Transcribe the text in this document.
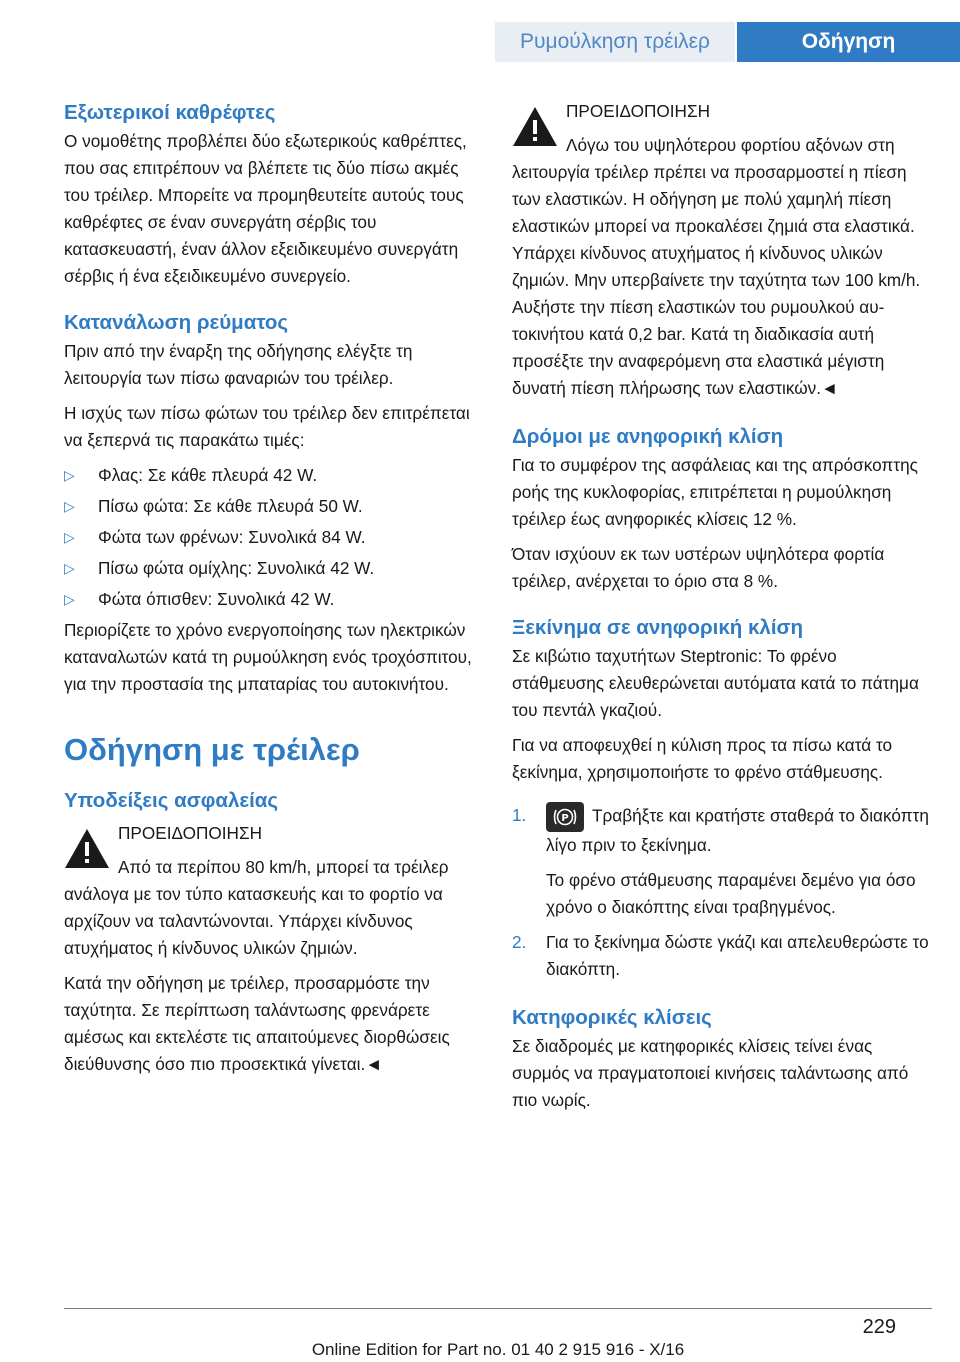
Ρυμούλκηση τρέιλερ	Οδήγηση
Εξωτερικοί καθρέφτες

Ο νομοθέτης προβλέπει δύο εξωτερικούς καθρέπτες, που σας επιτρέπουν να βλέπετε τις δύο πίσω ακμές του τρέιλερ. Μπορείτε να προμηθευτείτε αυτούς τους καθρέφτες σε έναν συνεργάτη σέρβις του κατασκευαστή, έναν άλλον εξειδικευμένο συνεργάτη σέρβις ή ένα εξειδικευμένο συνεργείο.

Κατανάλωση ρεύματος

Πριν από την έναρξη της οδήγησης ελέγξτε τη λειτουργία των πίσω φαναριών του τρέιλερ.

Η ισχύς των πίσω φώτων του τρέιλερ δεν επιτρέπεται να ξεπερνά τις παρακάτω τιμές:

▷	Φλας: Σε κάθε πλευρά 42 W.
▷	Πίσω φώτα: Σε κάθε πλευρά 50 W.
▷	Φώτα των φρένων: Συνολικά 84 W.
▷	Πίσω φώτα ομίχλης: Συνολικά 42 W.
▷	Φώτα όπισθεν: Συνολικά 42 W.

Περιορίζετε το χρόνο ενεργοποίησης των ηλεκτρικών καταναλωτών κατά τη ρυμούλκηση ενός τροχόσπιτου, για την προστασία της μπαταρίας του αυτοκινήτου.

Οδήγηση με τρέιλερ
Υποδείξεις ασφαλείας

ΠΡΟΕΙΔΟΠΟΙΗΣΗ

Από τα περίπου 80 km/h, μπορεί τα τρέιλερ ανάλογα με τον τύπο κατασκευής και το φορτίο να αρχίζουν να ταλαντώνονται. Υπάρχει κίνδυνος ατυχήματος ή κίνδυνος υλικών ζημιών.

Κατά την οδήγηση με τρέιλερ, προσαρμόστε την ταχύτητα. Σε περίπτωση ταλάντωσης φρενάρετε αμέσως και εκτελέστε τις απαιτούμενες διορθώσεις διεύθυνσης όσο πιο προσεκτικά γίνεται.◄

ΠΡΟΕΙΔΟΠΟΙΗΣΗ

Λόγω του υψηλότερου φορτίου αξόνων στη λειτουργία τρέιλερ πρέπει να προσαρμοστεί η πίεση των ελαστικών. Η οδήγηση με πολύ χαμηλή πίεση ελαστικών μπορεί να προκαλέσει ζημιά στα ελαστικά. Υπάρχει κίνδυνος ατυχήματος ή κίνδυνος υλικών ζημιών. Μην υπερβαίνετε την ταχύτητα των 100 km/h. Αυξήστε την πίεση ελαστικών του ρυμουλκού αυτοκινήτου κατά 0,2 bar. Κατά τη διαδικασία αυτή προσέξτε την αναφερόμενη στα ελαστικά μέγιστη δυνατή πίεση πλήρωσης των ελαστικών.◄

Δρόμοι με ανηφορική κλίση

Για το συμφέρον της ασφάλειας και της απρόσκοπτης ροής της κυκλοφορίας, επιτρέπεται η ρυμούλκηση τρέιλερ έως ανηφορικές κλίσεις 12 %.

Όταν ισχύουν εκ των υστέρων υψηλότερα φορτία τρέιλερ, ανέρχεται το όριο στα 8 %.

Ξεκίνημα σε ανηφορική κλίση

Σε κιβώτιο ταχυτήτων Steptronic: Το φρένο στάθμευσης ελευθερώνεται αυτόματα κατά το πάτημα του πεντάλ γκαζιού.

Για να αποφευχθεί η κύλιση προς τα πίσω κατά το ξεκίνημα, χρησιμοποιήστε το φρένο στάθμευσης.

1.	P Τραβήξτε και κρατήστε σταθερά το διακόπτη λίγο πριν το ξεκίνημα.

Το φρένο στάθμευσης παραμένει δεμένο για όσο χρόνο ο διακόπτης είναι τραβηγμένος.

2.	Για το ξεκίνημα δώστε γκάζι και απελευθερώστε το διακόπτη.

Κατηφορικές κλίσεις

Σε διαδρομές με κατηφορικές κλίσεις τείνει ένας συρμός να πραγματοποιεί κινήσεις ταλάντωσης από πιο νωρίς.

229
Online Edition for Part no. 01 40 2 915 916 - X/16
